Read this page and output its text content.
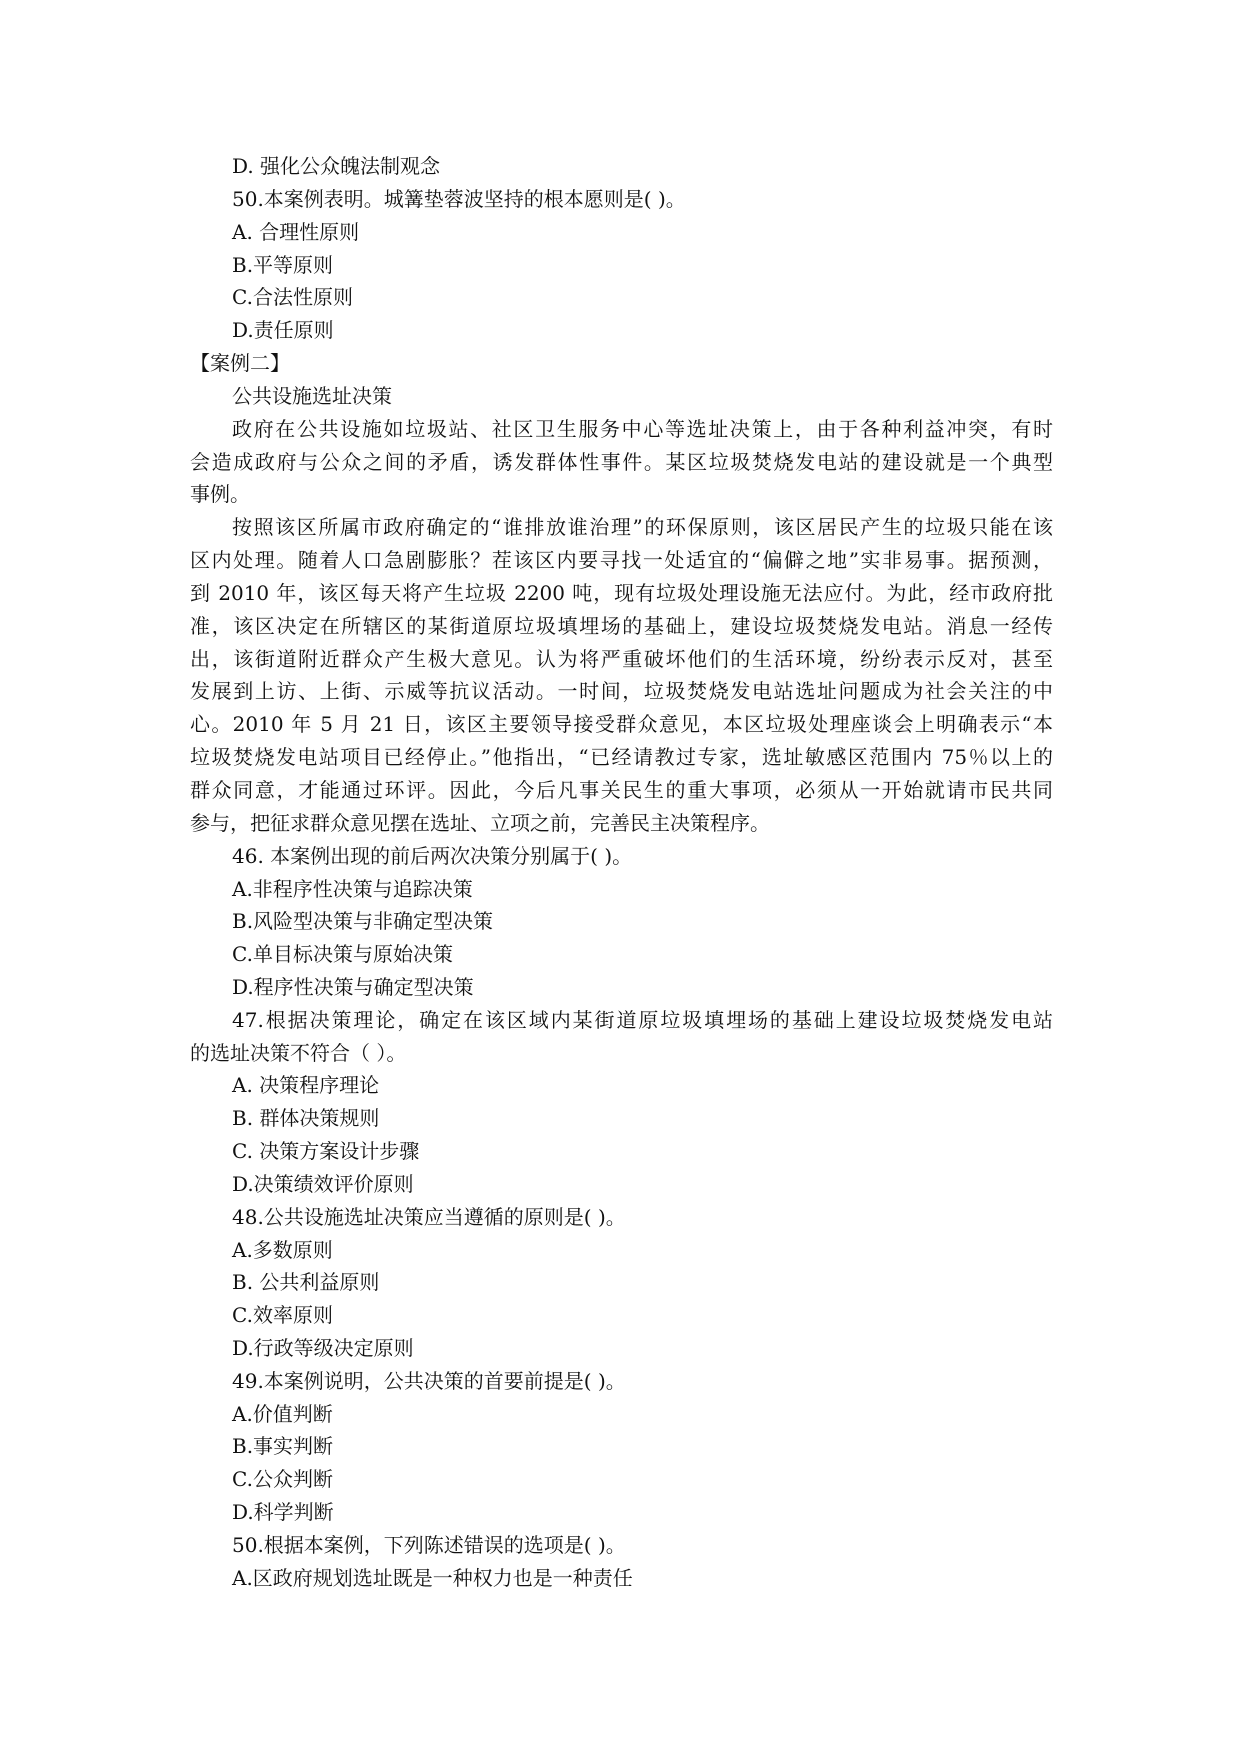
D. 强化公众魄法制观念
50.本案例表明。城篝垫蓉波坚持的根本愿则是( )。
A. 合理性原则
B.平等原则
C.合法性原则
D.责任原则
【案例二】
公共设施选址决策
政府在公共设施如垃圾站、社区卫生服务中心等选址决策上，由于各种利益冲突，有时
会造成政府与公众之间的矛盾，诱发群体性事件。某区垃圾焚烧发电站的建设就是一个典型
事例。
按照该区所属市政府确定的“谁排放谁治理”的环保原则，该区居民产生的垃圾只能在该
区内处理。随着人口急剧膨胀？茬该区内要寻找一处适宜的“偏僻之地”实非易事。据预测，
到 2010 年，该区每天将产生垃圾 2200 吨，现有垃圾处理设施无法应付。为此，经市政府批
准，该区决定在所辖区的某街道原垃圾填埋场的基础上，建设垃圾焚烧发电站。消息一经传
出，该街道附近群众产生极大意见。认为将严重破坏他们的生活环境，纷纷表示反对，甚至
发展到上访、上街、示威等抗议活动。一时间，垃圾焚烧发电站选址问题成为社会关注的中
心。2010 年 5 月 21 日，该区主要领导接受群众意见，本区垃圾处理座谈会上明确表示“本
垃圾焚烧发电站项目已经停止。”他指出，“已经请教过专家，选址敏感区范围内 75％以上的
群众同意，才能通过环评。因此，今后凡事关民生的重大事项，必须从一开始就请市民共同
参与，把征求群众意见摆在选址、立项之前，完善民主决策程序。
46. 本案例出现的前后两次决策分别属于( )。
A.非程序性决策与追踪决策
B.风险型决策与非确定型决策
C.单目标决策与原始决策
D.程序性决策与确定型决策
47.根据决策理论，确定在该区域内某街道原垃圾填埋场的基础上建设垃圾焚烧发电站
的选址决策不符合（ ）。
A. 决策程序理论
B. 群体决策规则
C. 决策方案设计步骤
D.决策绩效评价原则
48.公共设施选址决策应当遵循的原则是( )。
A.多数原则
B. 公共利益原则
C.效率原则
D.行政等级决定原则
49.本案例说明，公共决策的首要前提是( )。
A.价值判断
B.事实判断
C.公众判断
D.科学判断
50.根据本案例，下列陈述错误的选项是( )。
A.区政府规划选址既是一种权力也是一种责任
